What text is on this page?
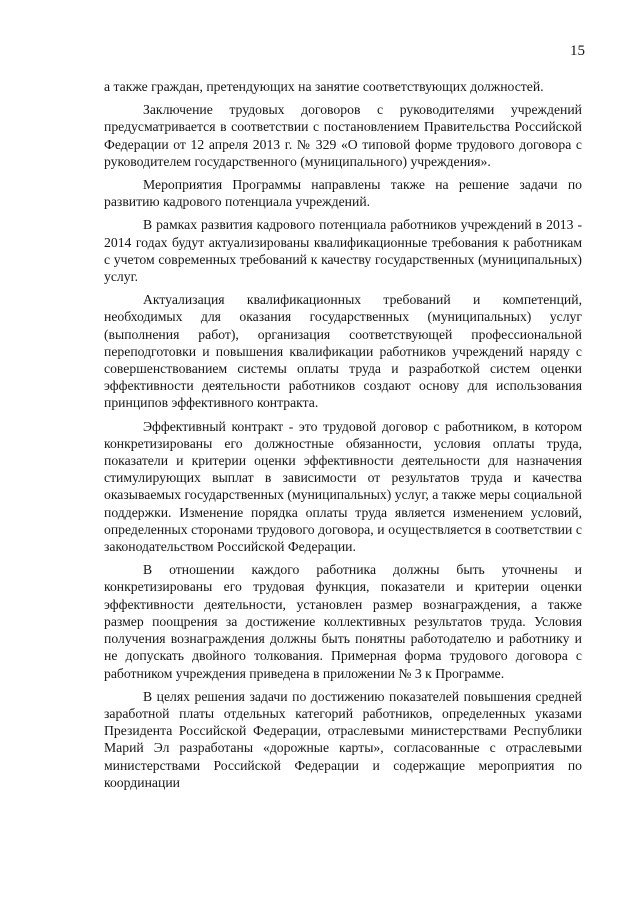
15

а также граждан, претендующих на занятие соответствующих должностей.

Заключение трудовых договоров с руководителями учреждений предусматривается в соответствии с постановлением Правительства Российской Федерации от 12 апреля 2013 г. № 329 «О типовой форме трудового договора с руководителем государственного (муниципального) учреждения».

Мероприятия Программы направлены также на решение задачи по развитию кадрового потенциала учреждений.

В рамках развития кадрового потенциала работников учреждений в 2013 - 2014 годах будут актуализированы квалификационные требования к работникам с учетом современных требований к качеству государственных (муниципальных) услуг.

Актуализация квалификационных требований и компетенций, необходимых для оказания государственных (муниципальных) услуг (выполнения работ), организация соответствующей профессиональной переподготовки и повышения квалификации работников учреждений наряду с совершенствованием системы оплаты труда и разработкой систем оценки эффективности деятельности работников создают основу для использования принципов эффективного контракта.

Эффективный контракт - это трудовой договор с работником, в котором конкретизированы его должностные обязанности, условия оплаты труда, показатели и критерии оценки эффективности деятельности для назначения стимулирующих выплат в зависимости от результатов труда и качества оказываемых государственных (муниципальных) услуг, а также меры социальной поддержки. Изменение порядка оплаты труда является изменением условий, определенных сторонами трудового договора, и осуществляется в соответствии с законодательством Российской Федерации.

В отношении каждого работника должны быть уточнены и конкретизированы его трудовая функция, показатели и критерии оценки эффективности деятельности, установлен размер вознаграждения, а также размер поощрения за достижение коллективных результатов труда. Условия получения вознаграждения должны быть понятны работодателю и работнику и не допускать двойного толкования. Примерная форма трудового договора с работником учреждения приведена в приложении № 3 к Программе.

В целях решения задачи по достижению показателей повышения средней заработной платы отдельных категорий работников, определенных указами Президента Российской Федерации, отраслевыми министерствами Республики Марий Эл разработаны «дорожные карты», согласованные с отраслевыми министерствами Российской Федерации и содержащие мероприятия по координации
